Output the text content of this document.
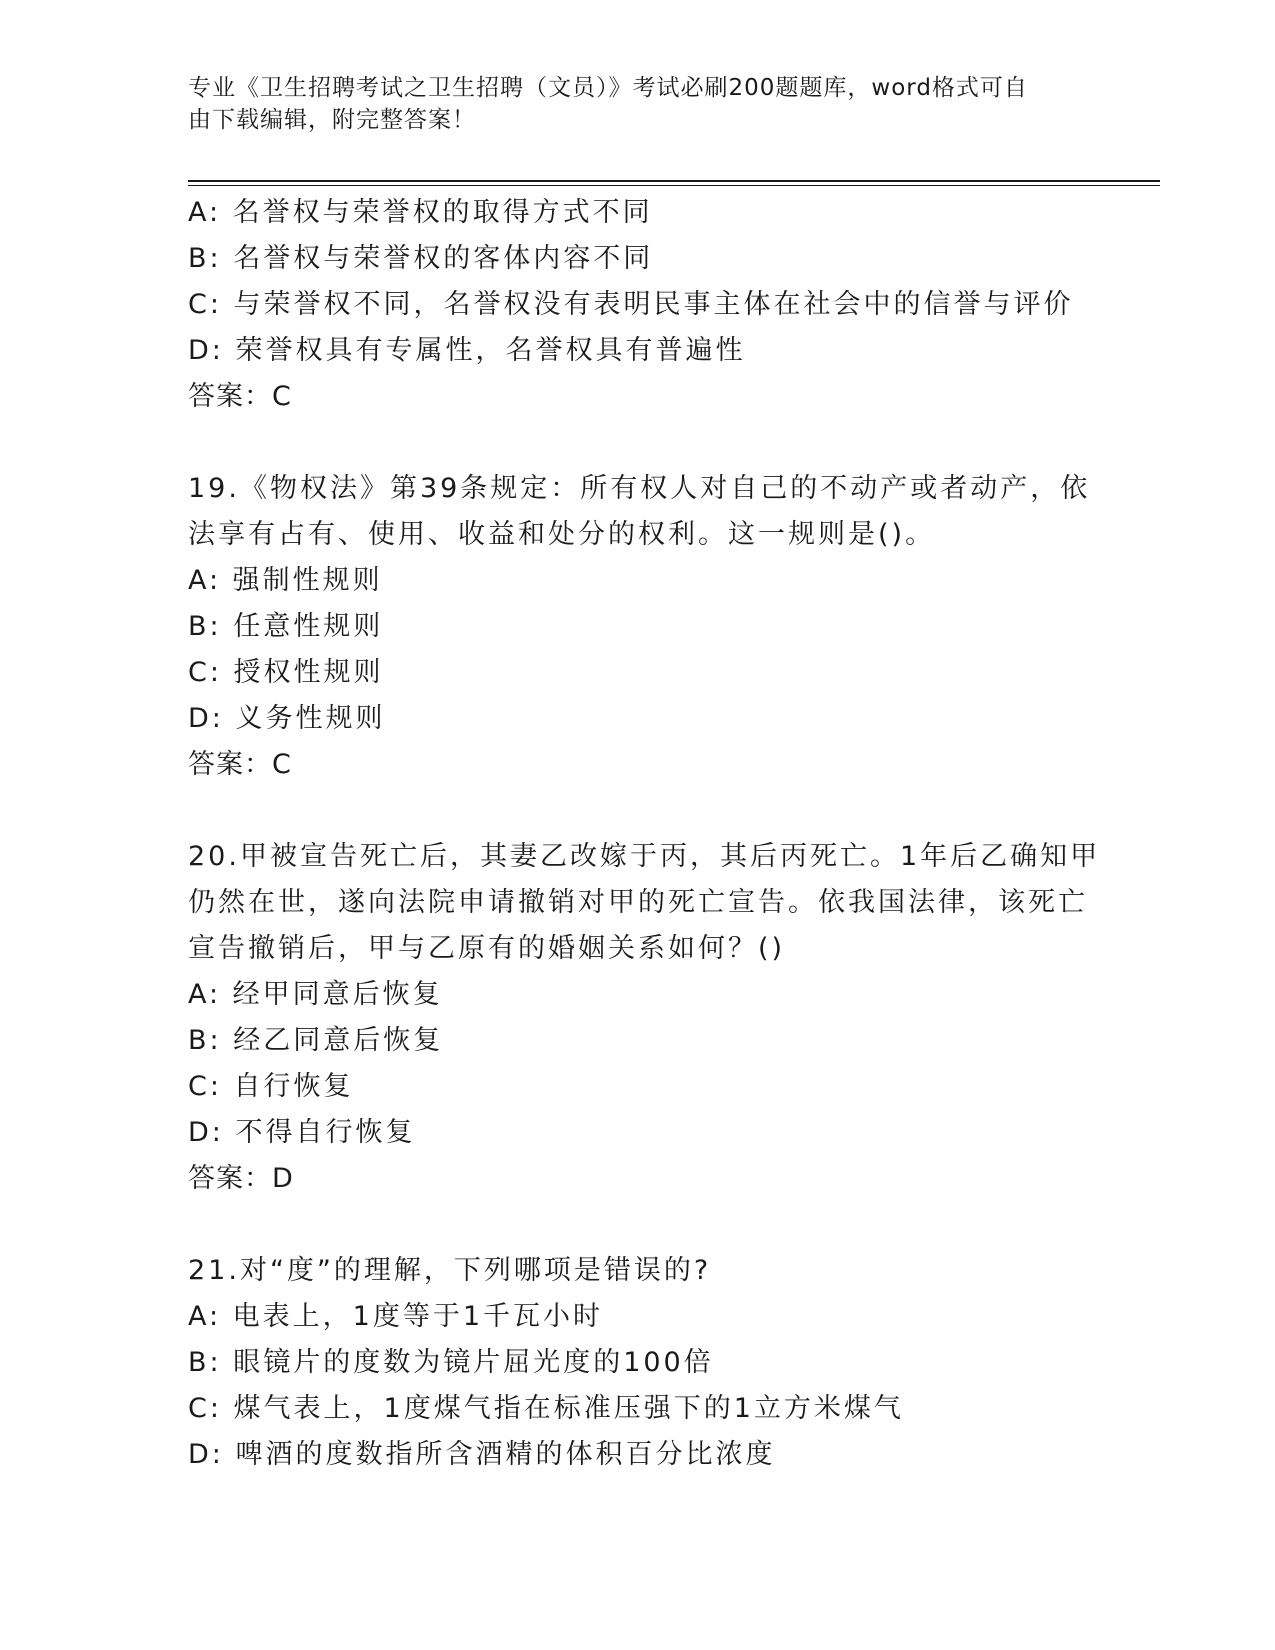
专业《卫生招聘考试之卫生招聘（文员）》考试必刷200题题库，word格式可自
由下载编辑，附完整答案！
A: 名誉权与荣誉权的取得方式不同
B: 名誉权与荣誉权的客体内容不同
C: 与荣誉权不同，名誉权没有表明民事主体在社会中的信誉与评价
D: 荣誉权具有专属性，名誉权具有普遍性
答案：C
19.《物权法》第39条规定：所有权人对自己的不动产或者动产，依
法享有占有、使用、收益和处分的权利。这一规则是()。
A: 强制性规则
B: 任意性规则
C: 授权性规则
D: 义务性规则
答案：C
20.甲被宣告死亡后，其妻乙改嫁于丙，其后丙死亡。1年后乙确知甲
仍然在世，遂向法院申请撤销对甲的死亡宣告。依我国法律，该死亡
宣告撤销后，甲与乙原有的婚姻关系如何？()
A: 经甲同意后恢复
B: 经乙同意后恢复
C: 自行恢复
D: 不得自行恢复
答案：D
21.对“度”的理解，下列哪项是错误的?
A: 电表上，1度等于1千瓦小时
B: 眼镜片的度数为镜片屈光度的100倍
C: 煤气表上，1度煤气指在标准压强下的1立方米煤气
D: 啤酒的度数指所含酒精的体积百分比浓度
